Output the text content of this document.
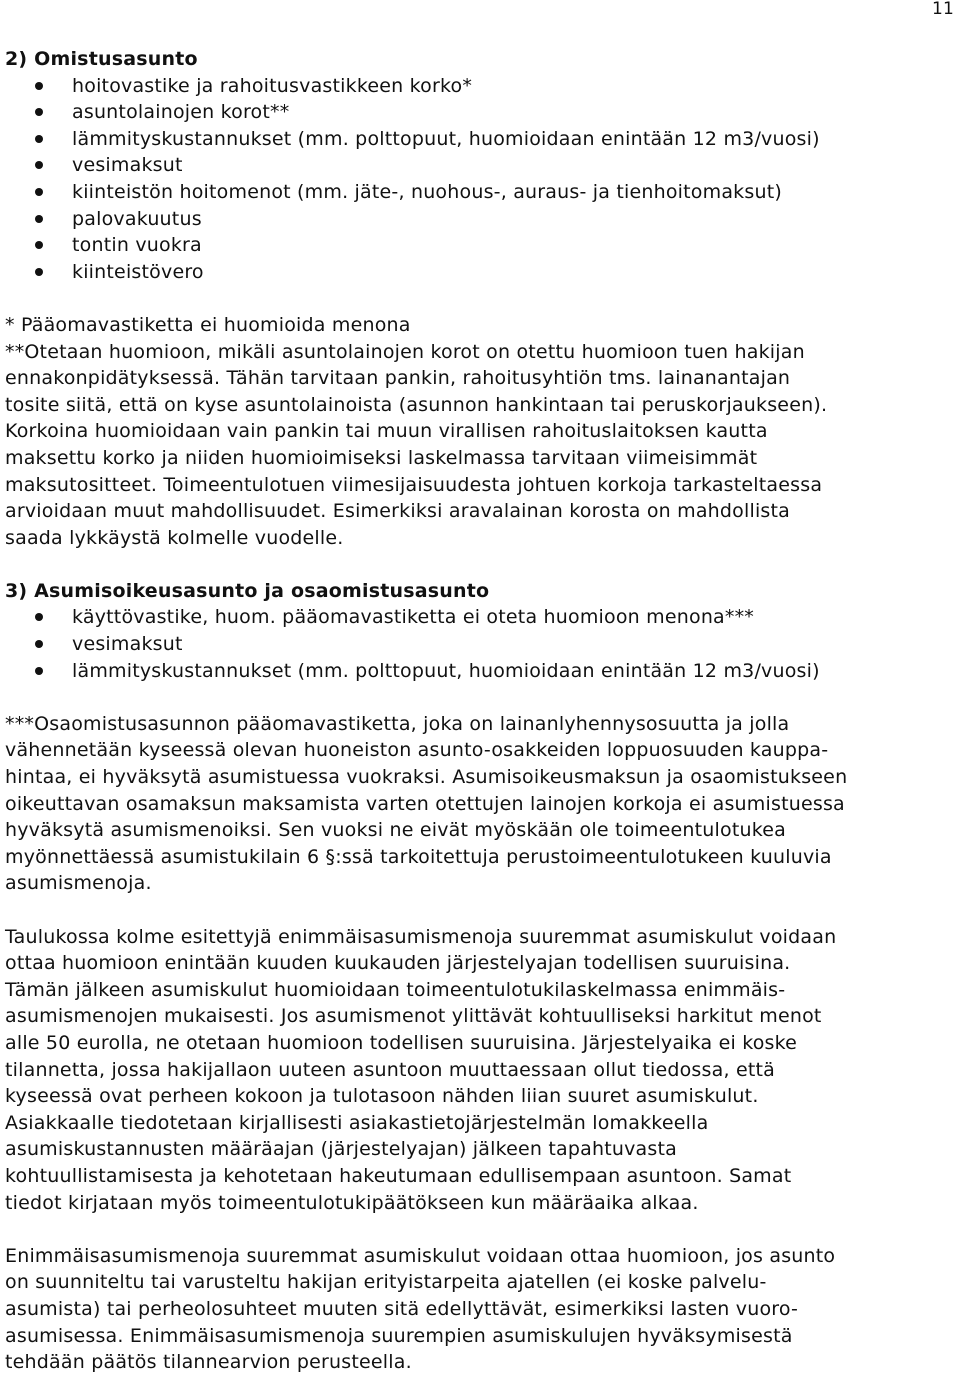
11

2) Omistusasunto

hoitovastike ja rahoitusvastikkeen korko*
asuntolainojen korot**
lämmityskustannukset (mm. polttopuut, huomioidaan enintään 12 m3/vuosi)
vesimaksut
kiinteistön hoitomenot (mm. jäte-, nuohous-, auraus- ja tienhoitomaksut)
palovakuutus
tontin vuokra
kiinteistövero

* Pääomavastiketta ei huomioida menona

**Otetaan huomioon, mikäli asuntolainojen korot on otettu huomioon tuen hakijan

ennakonpidätyksessä. Tähän tarvitaan pankin, rahoitusyhtiön tms. lainanantajan

tosite siitä, että on kyse asuntolainoista (asunnon hankintaan tai peruskorjaukseen).

Korkoina huomioidaan vain pankin tai muun virallisen rahoituslaitoksen kautta

maksettu korko ja niiden huomioimiseksi laskelmassa tarvitaan viimeisimmät

maksutositteet. Toimeentulotuen viimesijaisuudesta johtuen korkoja tarkasteltaessa

arvioidaan muut mahdollisuudet. Esimerkiksi aravalainan korosta on mahdollista

saada lykkäystä kolmelle vuodelle.

3) Asumisoikeusasunto ja osaomistusasunto

käyttövastike, huom. pääomavastiketta ei oteta huomioon menona***
vesimaksut
lämmityskustannukset (mm. polttopuut, huomioidaan enintään 12 m3/vuosi)

***Osaomistusasunnon pääomavastiketta, joka on lainanlyhennysosuutta ja jolla

vähennetään kyseessä olevan huoneiston asunto-osakkeiden loppuosuuden kauppa-

hintaa, ei hyväksytä asumistuessa vuokraksi. Asumisoikeusmaksun ja osaomistukseen

oikeuttavan osamaksun maksamista varten otettujen lainojen korkoja ei asumistuessa

hyväksytä asumismenoiksi. Sen vuoksi ne eivät myöskään ole toimeentulotukea

myönnettäessä asumistukilain 6 §:ssä tarkoitettuja perustoimeentulotukeen kuuluvia

asumismenoja.

Taulukossa kolme esitettyjä enimmäisasumismenoja suuremmat asumiskulut voidaan

ottaa huomioon enintään kuuden kuukauden järjestelyajan todellisen suuruisina.

Tämän jälkeen asumiskulut huomioidaan toimeentulotukilaskelmassa enimmäis-

asumismenojen mukaisesti. Jos asumismenot ylittävät kohtuulliseksi harkitut menot

alle 50 eurolla, ne otetaan huomioon todellisen suuruisina. Järjestelyaika ei koske

tilannetta, jossa hakijallaon uuteen asuntoon muuttaessaan ollut tiedossa, että

kyseessä ovat perheen kokoon ja tulotasoon nähden liian suuret asumiskulut.

Asiakkaalle tiedotetaan kirjallisesti asiakastietojärjestelmän lomakkeella

asumiskustannusten määräajan (järjestelyajan) jälkeen tapahtuvasta

kohtuullistamisesta ja kehotetaan hakeutumaan edullisempaan asuntoon. Samat

tiedot kirjataan myös toimeentulotukipäätökseen kun määräaika alkaa.

Enimmäisasumismenoja suuremmat asumiskulut voidaan ottaa huomioon, jos asunto

on suunniteltu tai varusteltu hakijan erityistarpeita ajatellen (ei koske palvelu-

asumista) tai perheolosuhteet muuten sitä edellyttävät, esimerkiksi lasten vuoro-

asumisessa. Enimmäisasumismenoja suurempien asumiskulujen hyväksymisestä

tehdään päätös tilannearvion perusteella.
